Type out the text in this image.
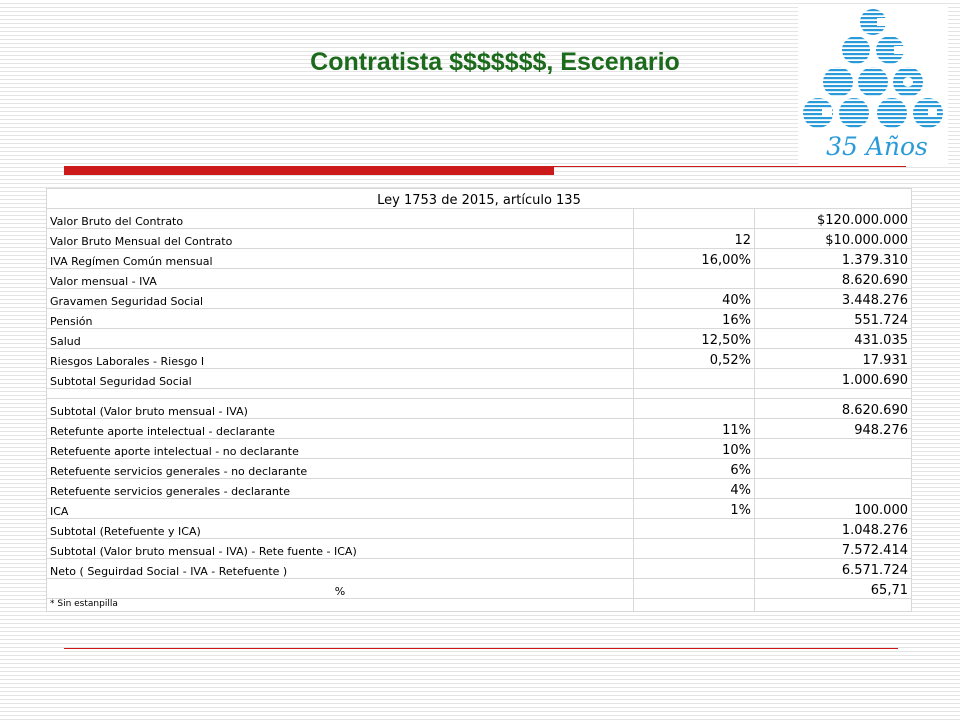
Contratista $$$$$$$, Escenario
35 Años
Ley 1753 de 2015, artículo 135		
Valor Bruto del Contrato		$120.000.000
Valor Bruto Mensual del Contrato	12	$10.000.000
IVA Regímen Común mensual	16,00%	1.379.310
Valor mensual - IVA		8.620.690
Gravamen Seguridad Social	40%	3.448.276
Pensión	16%	551.724
Salud	12,50%	431.035
Riesgos Laborales - Riesgo I	0,52%	17.931
Subtotal Seguridad Social		1.000.690

Subtotal (Valor bruto mensual - IVA)		8.620.690
Retefunte aporte intelectual - declarante	11%	948.276
Retefuente aporte intelectual - no declarante	10%	
Retefuente servicios generales - no declarante	6%	
Retefuente servicios generales - declarante	4%	
ICA	1%	100.000
Subtotal (Retefuente y ICA)		1.048.276
Subtotal (Valor bruto mensual - IVA) - Rete fuente - ICA)		7.572.414
Neto ( Seguirdad Social - IVA - Retefuente )		6.571.724
%		65,71
* Sin estanpilla		
